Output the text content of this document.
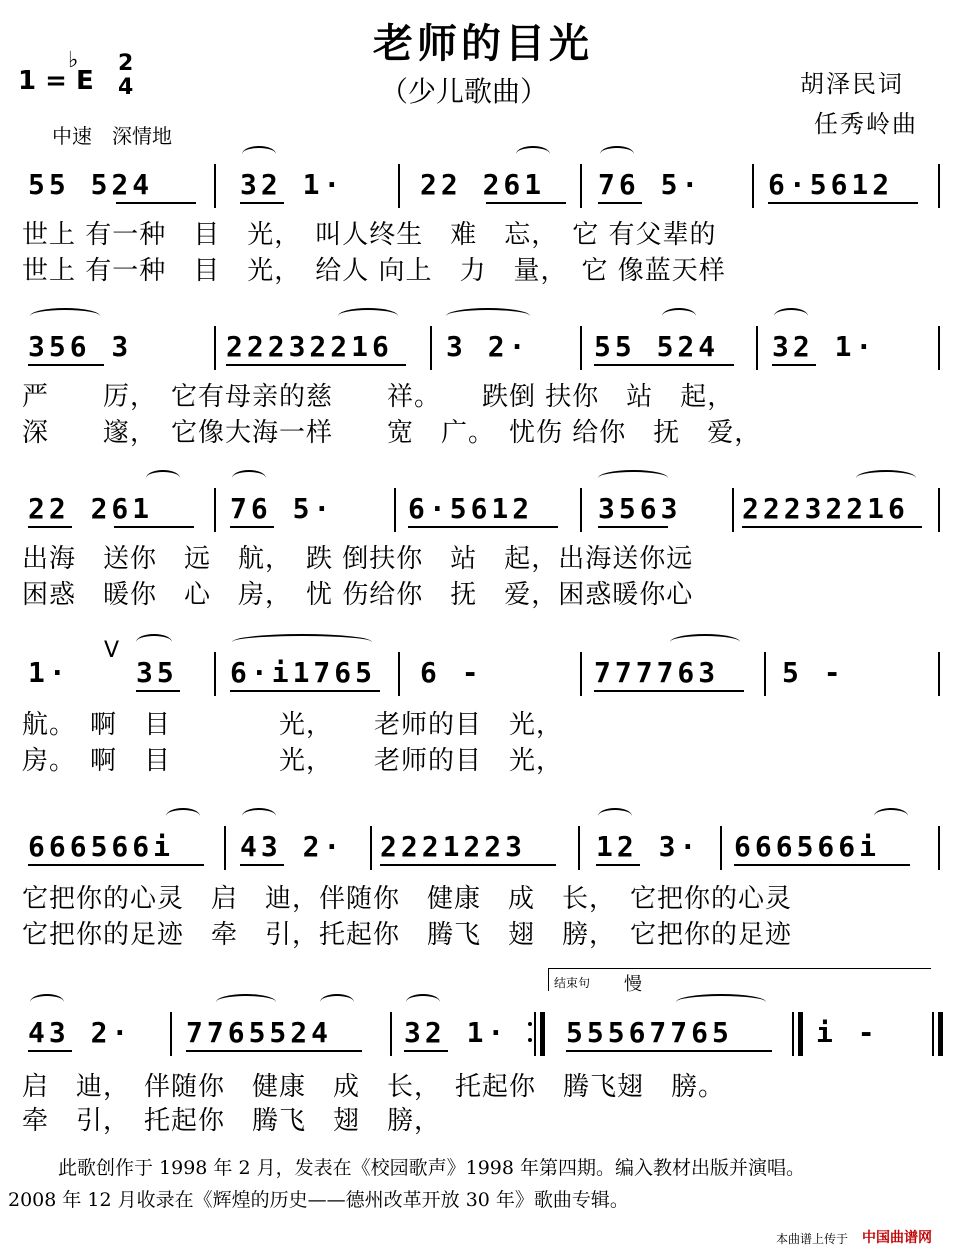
老师的目光
（少儿歌曲）	胡泽民词
任秀岭曲
1 = E
♭ 2
4
中速　深情地
55 524	32 1·	22 261 76 5· 6·5612
世上 有一种　目　光，　叫人终生　难　忘，　它 有父辈的
世上 有一种　目　光，　给人 向上　力　量，　它 像蓝天样
356 3	22232216 3 2· 55 524 32 1·
严　　厉，　它有母亲的慈　　祥。　　跌倒 扶你　站　起，
深　　邃，　它像大海一样　　宽　广。　忧伤 给你　抚　爱，
22 261	76 5·	6·5612 3563 22232216
出海　送你　远　航，　跌 倒扶你　站　起，出海送你远
困惑　暖你　心　房，　忧 伤给你　抚　爱，困惑暖你心
1·
V
35 6·i1765 6 -	777763 5 -
航。　啊　目　　　　光，　　老师的目　光，
房。　啊　目　　　　光，　　老师的目　光，
666566i 43 2· 2221223 12 3· 666566i
它把你的心灵　启　迪，伴随你　健康　成　长，　它把你的心灵
它把你的足迹　牵　引，托起你　腾飞　翅　膀，　它把你的足迹
结束句 慢
43 2· 7765524	32 1· 55567765	i -
启　迪，　伴随你　健康　成　长，　托起你　腾飞翅　膀。
牵　引，　托起你　腾飞　翅　膀，
此歌创作于 1998 年 2 月，发表在《校园歌声》1998 年第四期。编入教材出版并演唱。
2008 年 12 月收录在《辉煌的历史——德州改革开放 30 年》歌曲专辑。
本曲谱上传于 中国曲谱网
